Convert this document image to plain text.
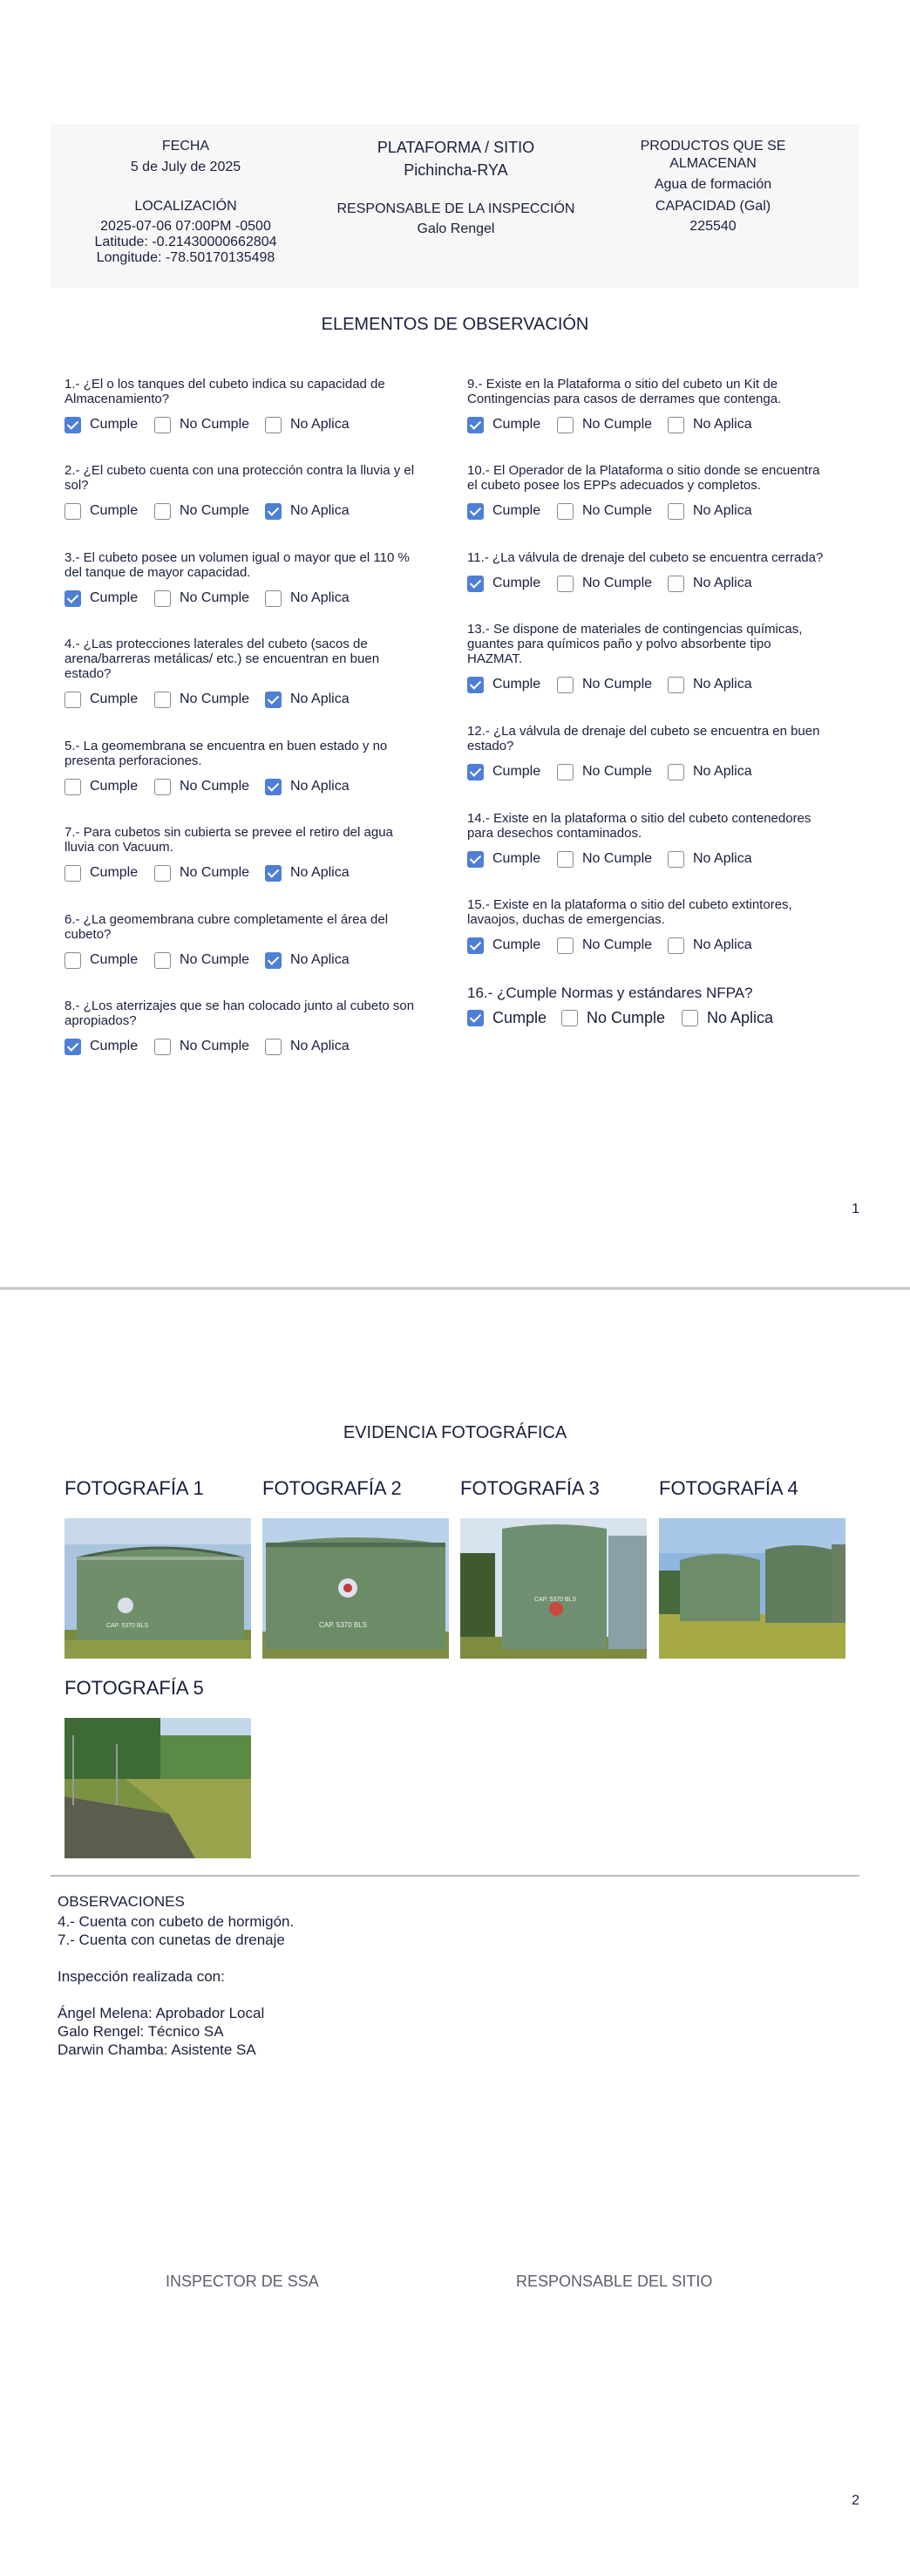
FECHA
5 de July de 2025
PLATAFORMA / SITIO
Pichincha-RYA
PRODUCTOS QUE SE ALMACENAN
Agua de formación
LOCALIZACIÓN
2025-07-06 07:00PM -0500
Latitude: -0.21430000662804
Longitude: -78.50170135498
RESPONSABLE DE LA INSPECCIÓN
Galo Rengel
CAPACIDAD (Gal)
225540
ELEMENTOS DE OBSERVACIÓN
1.- ¿El o los tanques del cubeto indica su capacidad de
Almacenamiento?
Cumple	No Cumple	No Aplica
2.- ¿El cubeto cuenta con una protección contra la lluvia y el
sol?
Cumple	No Cumple	No Aplica
3.- El cubeto posee un volumen igual o mayor que el 110 %
del tanque de mayor capacidad.
Cumple	No Cumple	No Aplica
4.- ¿Las protecciones laterales del cubeto (sacos de
arena/barreras metálicas/ etc.) se encuentran en buen
estado?
Cumple	No Cumple	No Aplica
5.- La geomembrana se encuentra en buen estado y no
presenta perforaciones.
Cumple	No Cumple	No Aplica
7.- Para cubetos sin cubierta se prevee el retiro del agua
lluvia con Vacuum.
Cumple	No Cumple	No Aplica
6.- ¿La geomembrana cubre completamente el área del
cubeto?
Cumple	No Cumple	No Aplica
8.- ¿Los aterrizajes que se han colocado junto al cubeto son
apropiados?
Cumple	No Cumple	No Aplica
9.- Existe en la Plataforma o sitio del cubeto un Kit de
Contingencias para casos de derrames que contenga.
Cumple	No Cumple	No Aplica
10.- El Operador de la Plataforma o sitio donde se encuentra
el cubeto posee los EPPs adecuados y completos.
Cumple	No Cumple	No Aplica
11.- ¿La válvula de drenaje del cubeto se encuentra cerrada?
Cumple	No Cumple	No Aplica
13.- Se dispone de materiales de contingencias químicas,
guantes para químicos paño y polvo absorbente tipo
HAZMAT.
Cumple	No Cumple	No Aplica
12.- ¿La válvula de drenaje del cubeto se encuentra en buen
estado?
Cumple	No Cumple	No Aplica
14.- Existe en la plataforma o sitio del cubeto contenedores
para desechos contaminados.
Cumple	No Cumple	No Aplica
15.- Existe en la plataforma o sitio del cubeto extintores,
lavaojos, duchas de emergencias.
Cumple	No Cumple	No Aplica
16.- ¿Cumple Normas y estándares NFPA?
Cumple	No Cumple	No Aplica
1
EVIDENCIA FOTOGRÁFICA
FOTOGRAFÍA 1	FOTOGRAFÍA 2	FOTOGRAFÍA 3	FOTOGRAFÍA 4
CAP. 5370 BLS	CAP. 5370 BLS
CAP. 5370 BLS
FOTOGRAFÍA 5
OBSERVACIONES
4.- Cuenta con cubeto de hormigón.
7.- Cuenta con cunetas de drenaje
Inspección realizada con:
Ángel Melena: Aprobador Local
Galo Rengel: Técnico SA
Darwin Chamba: Asistente SA
INSPECTOR DE SSA	RESPONSABLE DEL SITIO
2
